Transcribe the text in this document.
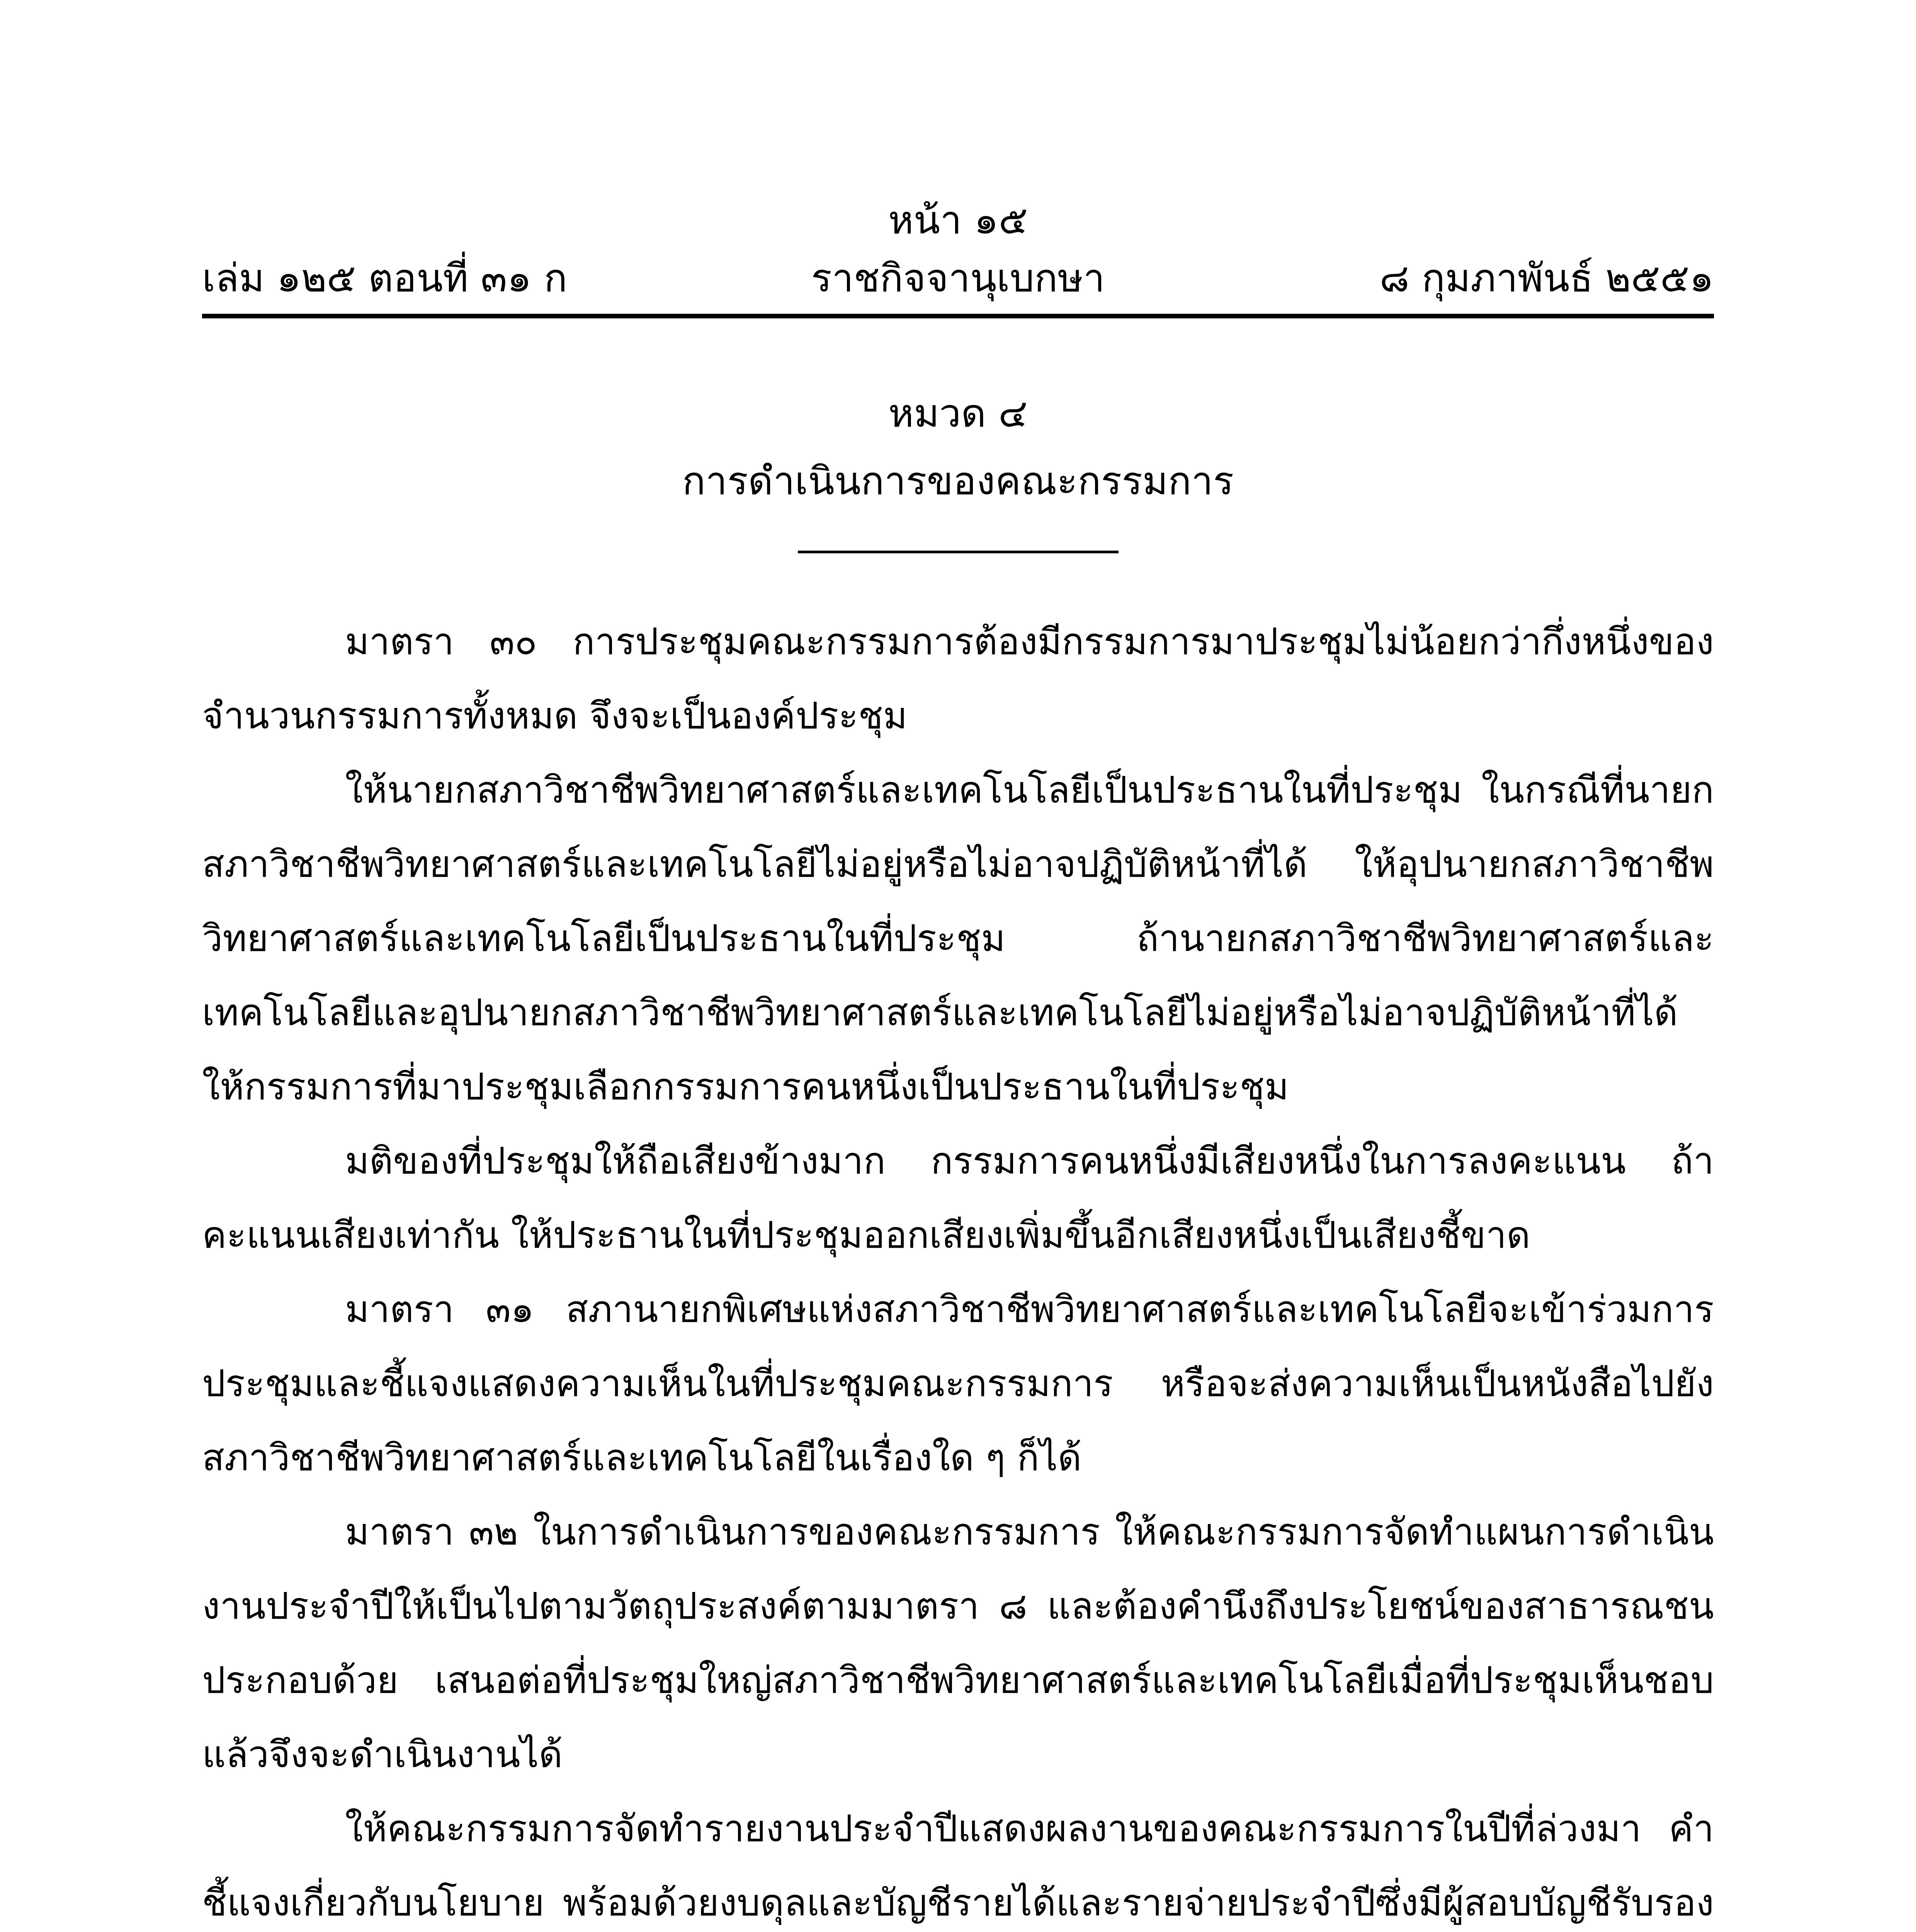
หน้า ๑๕
ราชกิจจานุเบกษา
เล่ม ๑๒๕ ตอนที่ ๓๑ ก	๘ กุมภาพันธ์ ๒๕๕๑
หมวด ๔
การดำเนินการของคณะกรรมการ

มาตรา ๓๐ การประชุมคณะกรรมการต้องมีกรรมการมาประชุมไม่น้อยกว่ากึ่งหนึ่งของจำนวนกรรมการทั้งหมด จึงจะเป็นองค์ประชุม

ให้นายกสภาวิชาชีพวิทยาศาสตร์และเทคโนโลยีเป็นประธานในที่ประชุม ในกรณีที่นายกสภาวิชาชีพวิทยาศาสตร์และเทคโนโลยีไม่อยู่หรือไม่อาจปฏิบัติหน้าที่ได้ ให้อุปนายกสภาวิชาชีพวิทยาศาสตร์และเทคโนโลยีเป็นประธานในที่ประชุม ถ้านายกสภาวิชาชีพวิทยาศาสตร์และเทคโนโลยีและอุปนายกสภาวิชาชีพวิทยาศาสตร์และเทคโนโลยีไม่อยู่หรือไม่อาจปฏิบัติหน้าที่ได้ให้กรรมการที่มาประชุมเลือกกรรมการคนหนึ่งเป็นประธานในที่ประชุม

มติของที่ประชุมให้ถือเสียงข้างมาก กรรมการคนหนึ่งมีเสียงหนึ่งในการลงคะแนน ถ้าคะแนนเสียงเท่ากัน ให้ประธานในที่ประชุมออกเสียงเพิ่มขึ้นอีกเสียงหนึ่งเป็นเสียงชี้ขาด

มาตรา ๓๑ สภานายกพิเศษแห่งสภาวิชาชีพวิทยาศาสตร์และเทคโนโลยีจะเข้าร่วมการประชุมและชี้แจงแสดงความเห็นในที่ประชุมคณะกรรมการ หรือจะส่งความเห็นเป็นหนังสือไปยังสภาวิชาชีพวิทยาศาสตร์และเทคโนโลยีในเรื่องใด ๆ ก็ได้

มาตรา ๓๒ ในการดำเนินการของคณะกรรมการ ให้คณะกรรมการจัดทำแผนการดำเนินงานประจำปีให้เป็นไปตามวัตถุประสงค์ตามมาตรา ๘ และต้องคำนึงถึงประโยชน์ของสาธารณชนประกอบด้วย เสนอต่อที่ประชุมใหญ่สภาวิชาชีพวิทยาศาสตร์และเทคโนโลยีเมื่อที่ประชุมเห็นชอบแล้วจึงจะดำเนินงานได้

ให้คณะกรรมการจัดทำรายงานประจำปีแสดงผลงานของคณะกรรมการในปีที่ล่วงมา คำชี้แจงเกี่ยวกับนโยบาย พร้อมด้วยงบดุลและบัญชีรายได้และรายจ่ายประจำปีซึ่งมีผู้สอบบัญชีรับรอง
